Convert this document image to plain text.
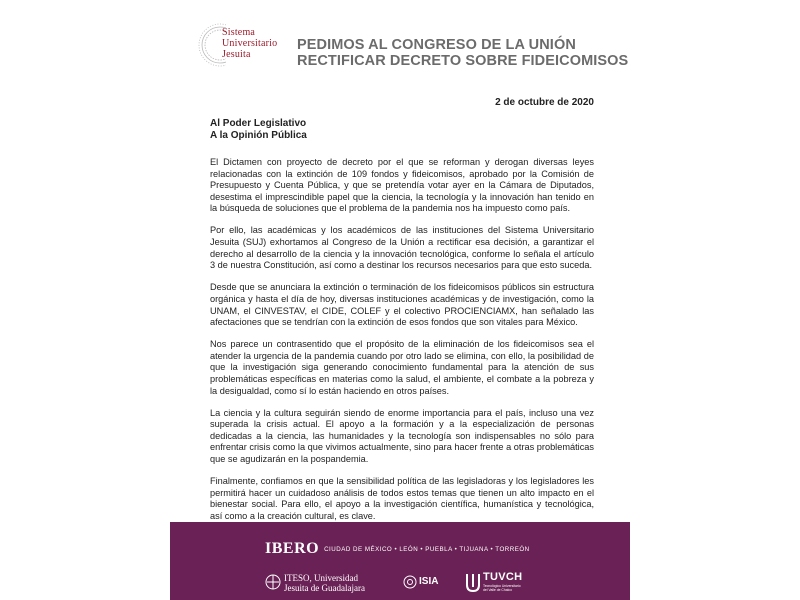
Sistema
Universitario
Jesuita
PEDIMOS AL CONGRESO DE LA UNIÓN
RECTIFICAR DECRETO SOBRE FIDEICOMISOS
2 de octubre de 2020
Al Poder Legislativo
A la Opinión Pública

El Dictamen con proyecto de decreto por el que se reforman y derogan diversas leyes relacionadas con la extinción de 109 fondos y fideicomisos, aprobado por la Comisión de Presupuesto y Cuenta Pública, y que se pretendía votar ayer en la Cámara de Diputados, desestima el imprescindible papel que la ciencia, la tecnología y la innovación han tenido en la búsqueda de soluciones que el problema de la pandemia nos ha impuesto como país.

Por ello, las académicas y los académicos de las instituciones del Sistema Universitario Jesuita (SUJ) exhortamos al Congreso de la Unión a rectificar esa decisión, a garantizar el derecho al desarrollo de la ciencia y la innovación tecnológica, conforme lo señala el artículo 3 de nuestra Constitución, así como a destinar los recursos necesarios para que esto suceda.

Desde que se anunciara la extinción o terminación de los fideicomisos públicos sin estructura orgánica y hasta el día de hoy, diversas instituciones académicas y de investigación, como la UNAM, el CINVESTAV, el CIDE, COLEF y el colectivo PROCIENCIAMX, han señalado las afectaciones que se tendrían con la extinción de esos fondos que son vitales para México.

Nos parece un contrasentido que el propósito de la eliminación de los fideicomisos sea el atender la urgencia de la pandemia cuando por otro lado se elimina, con ello, la posibilidad de que la investigación siga generando conocimiento fundamental para la atención de sus problemáticas específicas en materias como la salud, el ambiente, el combate a la pobreza y la desigualdad, como sí lo están haciendo en otros países.

La ciencia y la cultura seguirán siendo de enorme importancia para el país, incluso una vez superada la crisis actual. El apoyo a la formación y a la especialización de personas dedicadas a la ciencia, las humanidades y la tecnología son indispensables no sólo para enfrentar crisis como la que vivimos actualmente, sino para hacer frente a otras problemáticas que se agudizarán en la pospandemia.

Finalmente, confiamos en que la sensibilidad política de las legisladoras y los legisladores les permitirá hacer un cuidadoso análisis de todos estos temas que tienen un alto impacto en el bienestar social. Para ello, el apoyo a la investigación científica, humanística y tecnológica, así como a la creación cultural, es clave.

IBERO CIUDAD DE MÉXICO • LEÓN • PUEBLA • TIJUANA • TORREÓN
ITESO, Universidad
Jesuita de Guadalajara
ISIA	TUVCH
Tecnológico Universitario
del Valle de Chalco
